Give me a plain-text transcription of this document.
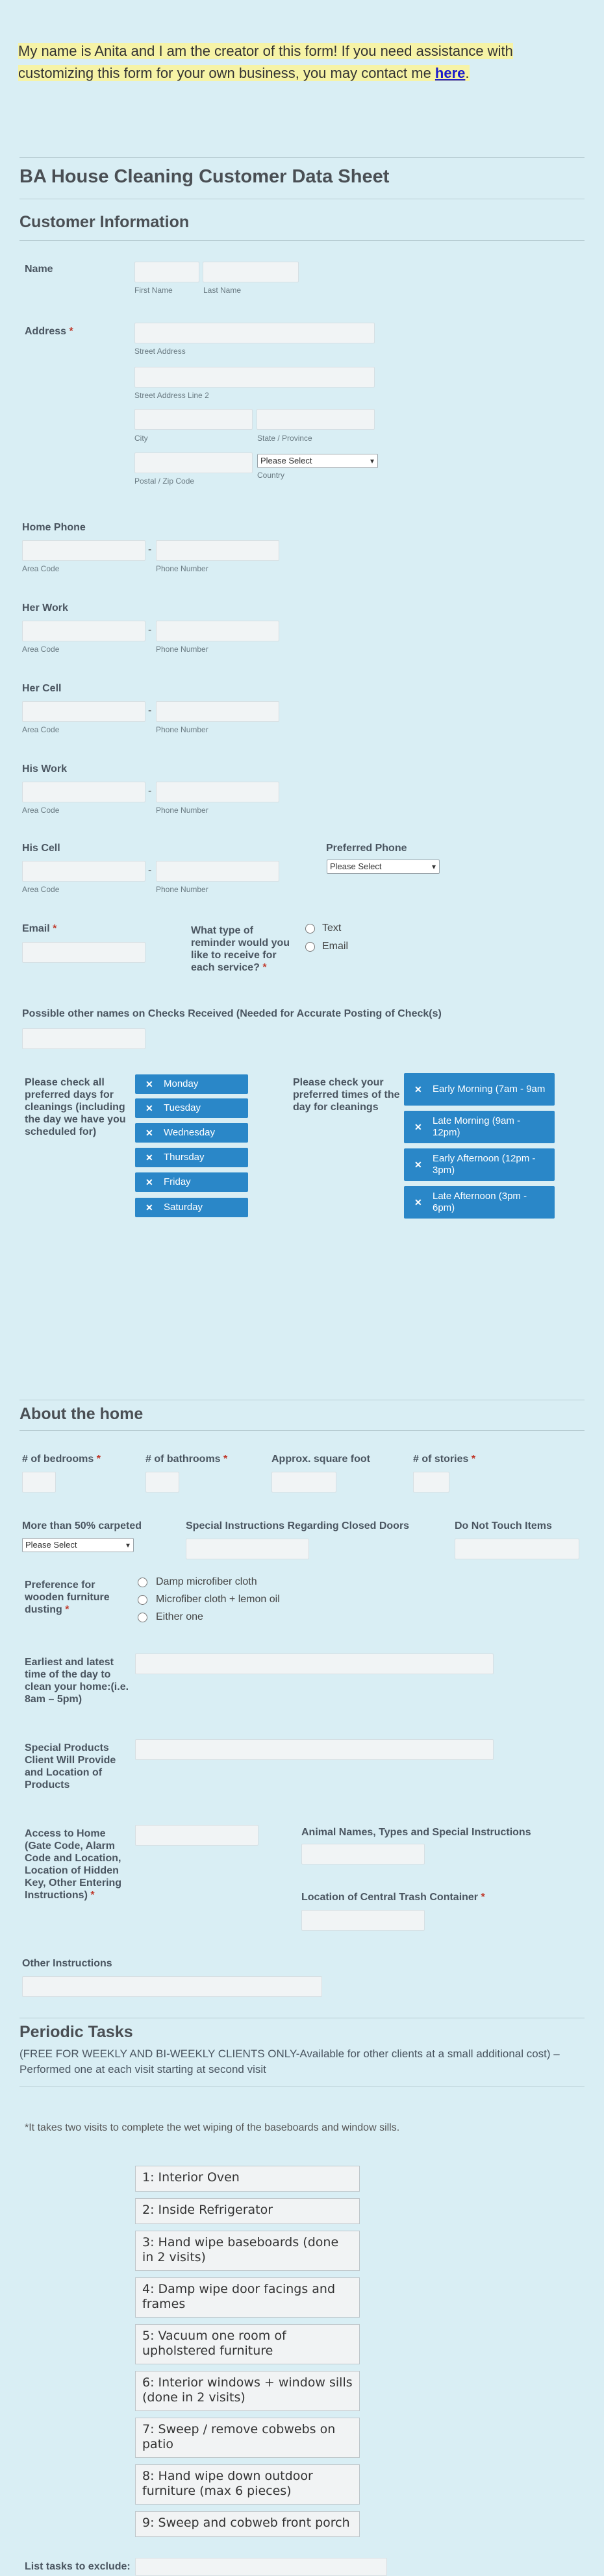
My name is Anita and I am the creator of this form! If you need assistance with customizing this form for your own business, you may contact me here.
BA House Cleaning Customer Data Sheet
Customer Information
Name
First Name	Last Name
Address *
Street Address
Street Address Line 2
City	State / Province
Please Select ▾
Country
Postal / Zip Code
Home Phone
-
Area Code	Phone Number
Her Work
-
Area Code	Phone Number
Her Cell
-
Area Code	Phone Number
His Work
-
Area Code	Phone Number
His Cell
-
Area Code	Phone Number
Preferred Phone
Please Select ▾
Email *	What type of reminder would you like to receive for each service? *
Text
Email
Possible other names on Checks Received (Needed for Accurate Posting of Check(s)
Please check all preferred days for cleanings (including the day we have you scheduled for)
✕ Monday
✕ Tuesday
✕ Wednesday
✕ Thursday
✕ Friday
✕ Saturday
Please check your preferred times of the day for cleanings
✕ Early Morning (7am - 9am
✕
Late Morning (9am - 12pm)
✕
Early Afternoon (12pm - 3pm)
✕
Late Afternoon (3pm - 6pm)
About the home
# of bedrooms *	# of bathrooms *	Approx. square foot	# of stories *
More than 50% carpeted
Please Select ▾
Special Instructions Regarding Closed Doors	Do Not Touch Items
Preference for wooden furniture dusting *
Damp microfiber cloth
Microfiber cloth + lemon oil
Either one
Earliest and latest time of the day to clean your home:(i.e. 8am – 5pm)
Special Products Client Will Provide and Location of Products
Access to Home (Gate Code, Alarm Code and Location, Location of Hidden Key, Other Entering Instructions) *
Animal Names, Types and Special Instructions
Location of Central Trash Container *
Other Instructions
Periodic Tasks
(FREE FOR WEEKLY AND BI-WEEKLY CLIENTS ONLY-Available for other clients at a small additional cost) – Performed one at each visit starting at second visit
*It takes two visits to complete the wet wiping of the baseboards and window sills.
1: Interior Oven
2: Inside Refrigerator
3: Hand wipe baseboards (done in 2 visits)
4: Damp wipe door facings and frames
5: Vacuum one room of upholstered furniture
6: Interior windows + window sills (done in 2 visits)
7: Sweep / remove cobwebs on patio
8: Hand wipe down outdoor furniture (max 6 pieces)
9: Sweep and cobweb front porch
List tasks to exclude:
